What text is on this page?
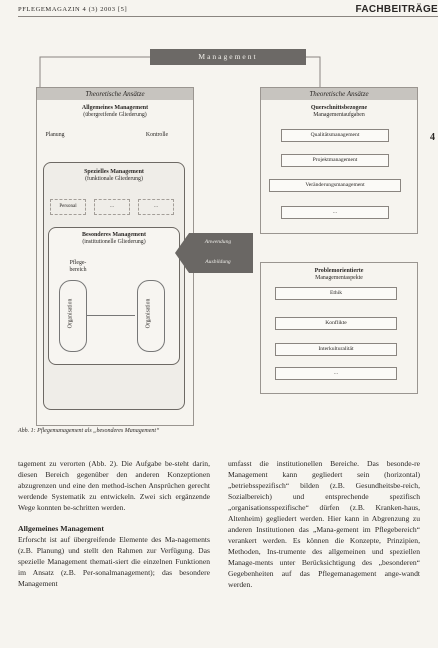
PFLEGEMAGAZIN 4 (3) 2003 [5]	FACHBEITRÄGE
Management
Theoretische Ansätze
Allgemeines Management
(übergreifende Gliederung)
Planung	Kontrolle
Spezielles Management
(funktionale Gliederung)
Personal	...	...
Besonderes Management
(institutionelle Gliederung)
Pflege-
bereich
Organisation	Organisation
Anwendung
Ausbildung
Theoretische Ansätze
Querschnittsbezogene
Managementaufgaben
Qualitätsmanagement
Projektmanagement
Veränderungsmanagement
...
Problemorientierte
Managementaspekte
Ethik
Konflikte
Interkulturalität
...
Abb. 1: Pflegemanagement als „besonderes Management“
4

tagement zu verorten (Abb. 2). Die Aufgabe be-steht darin, diesen Bereich gegenüber den anderen Konzeptionen abzugrenzen und eine den method-ischen Ansprüchen gerecht werdende Systematik zu entwickeln. Zwei sich ergänzende Wege konnten be-schritten werden.

Allgemeines Management

Erforscht ist auf übergreifende Elemente des Ma-nagements (z.B. Planung) und stellt den Rahmen zur Verfügung. Das spezielle Management themati-siert die einzelnen Funktionen im Ansatz (z.B. Per-sonalmanagement); das besondere Management

umfasst die institutionellen Bereiche. Das besonde-re Management kann gegliedert sein (horizontal) „betriebsspezifisch“ bilden (z.B. Gesundheitsbe-reich, Sozialbereich) und entsprechende spezifisch „organisationsspezifische“ dürfen (z.B. Kranken-haus, Altenheim) gegliedert werden. Hier kann in Abgrenzung zu anderen Institutionen das „Mana-gement im Pflegebereich“ verankert werden. Es können die Konzepte, Prinzipien, Methoden, Ins-trumente des allgemeinen und speziellen Manage-ments unter Berücksichtigung des „besonderen“ Gegebenheiten auf das Pflegemanagement ange-wandt werden.
